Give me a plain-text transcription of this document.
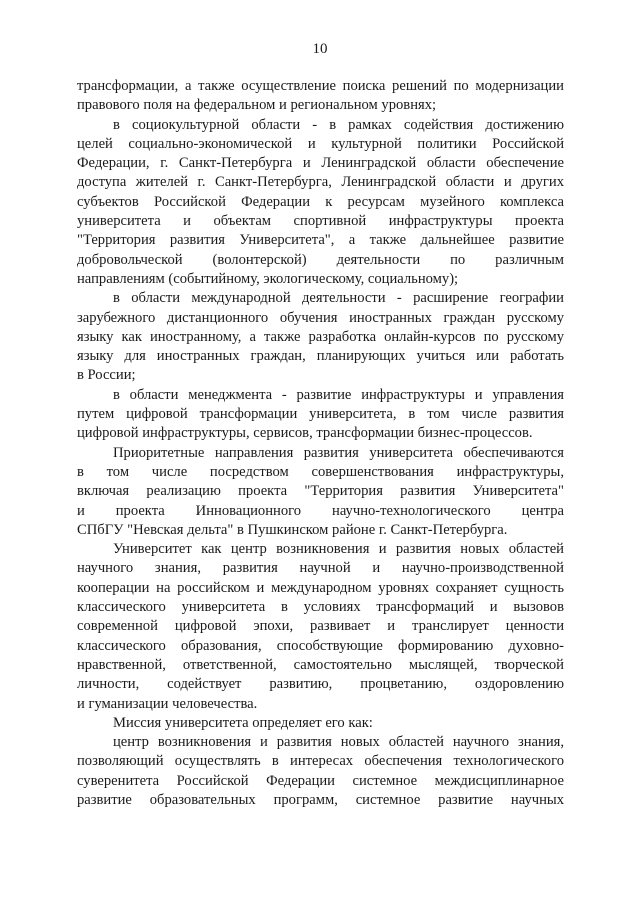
10
трансформации, а также осуществление поиска решений по модернизации
правового поля на федеральном и региональном уровнях;
в социокультурной области - в рамках содействия достижению
целей социально-экономической и культурной политики Российской
Федерации, г. Санкт-Петербурга и Ленинградской области обеспечение
доступа жителей г. Санкт-Петербурга, Ленинградской области и других
субъектов Российской Федерации к ресурсам музейного комплекса
университета и объектам спортивной инфраструктуры проекта
"Территория развития Университета", а также дальнейшее развитие
добровольческой (волонтерской) деятельности по различным
направлениям (событийному, экологическому, социальному);
в области международной деятельности - расширение географии
зарубежного дистанционного обучения иностранных граждан русскому
языку как иностранному, а также разработка онлайн-курсов по русскому
языку для иностранных граждан, планирующих учиться или работать
в России;
в области менеджмента - развитие инфраструктуры и управления
путем цифровой трансформации университета, в том числе развития
цифровой инфраструктуры, сервисов, трансформации бизнес-процессов.
Приоритетные направления развития университета обеспечиваются
в том числе посредством совершенствования инфраструктуры,
включая реализацию проекта "Территория развития Университета"
и проекта Инновационного научно-технологического центра
СПбГУ "Невская дельта" в Пушкинском районе г. Санкт-Петербурга.
Университет как центр возникновения и развития новых областей
научного знания, развития научной и научно-производственной
кооперации на российском и международном уровнях сохраняет сущность
классического университета в условиях трансформаций и вызовов
современной цифровой эпохи, развивает и транслирует ценности
классического образования, способствующие формированию духовно-
нравственной, ответственной, самостоятельно мыслящей, творческой
личности, содействует развитию, процветанию, оздоровлению
и гуманизации человечества.
Миссия университета определяет его как:
центр возникновения и развития новых областей научного знания,
позволяющий осуществлять в интересах обеспечения технологического
суверенитета Российской Федерации системное междисциплинарное
развитие образовательных программ, системное развитие научных
